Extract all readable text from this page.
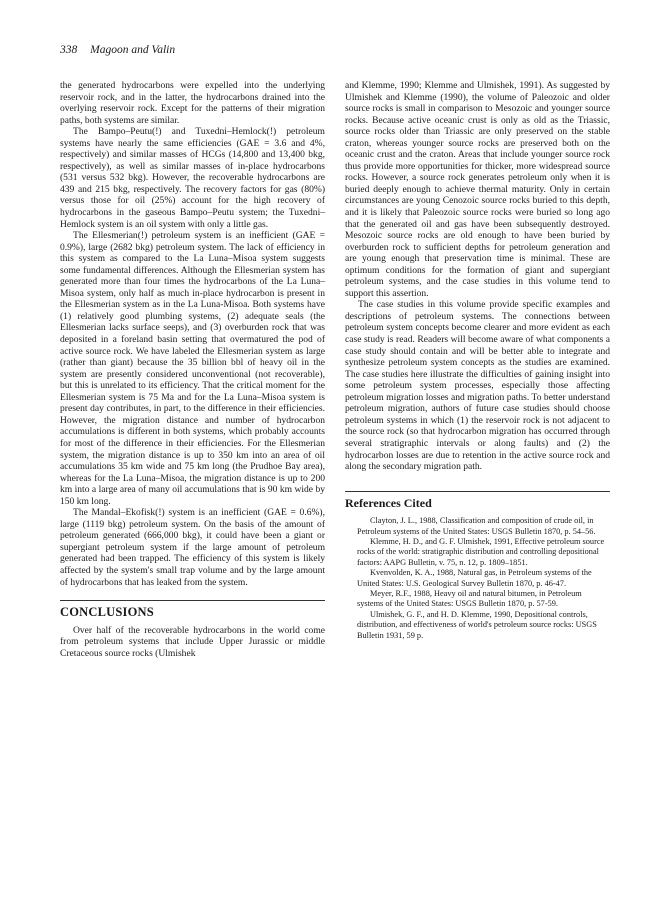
338 Magoon and Valin

the generated hydrocarbons were expelled into the underlying reservoir rock, and in the latter, the hydrocarbons drained into the overlying reservoir rock. Except for the patterns of their migration paths, both systems are similar.

The Bampo–Peutu(!) and Tuxedni–Hemlock(!) petroleum systems have nearly the same efficiencies (GAE = 3.6 and 4%, respectively) and similar masses of HCGs (14,800 and 13,400 bkg, respectively), as well as similar masses of in-place hydrocarbons (531 versus 532 bkg). However, the recoverable hydrocarbons are 439 and 215 bkg, respectively. The recovery factors for gas (80%) versus those for oil (25%) account for the high recovery of hydrocarbons in the gaseous Bampo–Peutu system; the Tuxedni–Hemlock system is an oil system with only a little gas.

The Ellesmerian(!) petroleum system is an inefficient (GAE = 0.9%), large (2682 bkg) petroleum system. The lack of efficiency in this system as compared to the La Luna–Misoa system suggests some fundamental differences. Although the Ellesmerian system has generated more than four times the hydrocarbons of the La Luna–Misoa system, only half as much in-place hydrocarbon is present in the Ellesmerian system as in the La Luna-Misoa. Both systems have (1) relatively good plumbing systems, (2) adequate seals (the Ellesmerian lacks surface seeps), and (3) overburden rock that was deposited in a foreland basin setting that overmatured the pod of active source rock. We have labeled the Ellesmerian system as large (rather than giant) because the 35 billion bbl of heavy oil in the system are presently considered unconventional (not recoverable), but this is unrelated to its efficiency. That the critical moment for the Ellesmerian system is 75 Ma and for the La Luna–Misoa system is present day contributes, in part, to the difference in their efficiencies. However, the migration distance and number of hydrocarbon accumulations is different in both systems, which probably accounts for most of the difference in their efficiencies. For the Ellesmerian system, the migration distance is up to 350 km into an area of oil accumulations 35 km wide and 75 km long (the Prudhoe Bay area), whereas for the La Luna–Misoa, the migration distance is up to 200 km into a large area of many oil accumulations that is 90 km wide by 150 km long.

The Mandal–Ekofisk(!) system is an inefficient (GAE = 0.6%), large (1119 bkg) petroleum system. On the basis of the amount of petroleum generated (666,000 bkg), it could have been a giant or supergiant petroleum system if the large amount of petroleum generated had been trapped. The efficiency of this system is likely affected by the system's small trap volume and by the large amount of hydrocarbons that has leaked from the system.

CONCLUSIONS

Over half of the recoverable hydrocarbons in the world come from petroleum systems that include Upper Jurassic or middle Cretaceous source rocks (Ulmishek

and Klemme, 1990; Klemme and Ulmishek, 1991). As suggested by Ulmishek and Klemme (1990), the volume of Paleozoic and older source rocks is small in comparison to Mesozoic and younger source rocks. Because active oceanic crust is only as old as the Triassic, source rocks older than Triassic are only preserved on the stable craton, whereas younger source rocks are preserved both on the oceanic crust and the craton. Areas that include younger source rock thus provide more opportunities for thicker, more widespread source rocks. However, a source rock generates petroleum only when it is buried deeply enough to achieve thermal maturity. Only in certain circumstances are young Cenozoic source rocks buried to this depth, and it is likely that Paleozoic source rocks were buried so long ago that the generated oil and gas have been subsequently destroyed. Mesozoic source rocks are old enough to have been buried by overburden rock to sufficient depths for petroleum generation and are young enough that preservation time is minimal. These are optimum conditions for the formation of giant and supergiant petroleum systems, and the case studies in this volume tend to support this assertion.

The case studies in this volume provide specific examples and descriptions of petroleum systems. The connections between petroleum system concepts become clearer and more evident as each case study is read. Readers will become aware of what components a case study should contain and will be better able to integrate and synthesize petroleum system concepts as the studies are examined. The case studies here illustrate the difficulties of gaining insight into some petroleum system processes, especially those affecting petroleum migration losses and migration paths. To better understand petroleum migration, authors of future case studies should choose petroleum systems in which (1) the reservoir rock is not adjacent to the source rock (so that hydrocarbon migration has occurred through several stratigraphic intervals or along faults) and (2) the hydrocarbon losses are due to retention in the active source rock and along the secondary migration path.

References Cited

Clayton, J. L., 1988, Classification and composition of crude oil, in Petroleum systems of the United States: USGS Bulletin 1870, p. 54–56.

Klemme, H. D., and G. F. Ulmishek, 1991, Effective petroleum source rocks of the world: stratigraphic distribution and controlling depositional factors: AAPG Bulletin, v. 75, n. 12, p. 1809–1851.

Kvenvolden, K. A., 1988, Natural gas, in Petroleum systems of the United States: U.S. Geological Survey Bulletin 1870, p. 46-47.

Meyer, R.F., 1988, Heavy oil and natural bitumen, in Petroleum systems of the United States: USGS Bulletin 1870, p. 57-59.

Ulmishek, G. F., and H. D. Klemme, 1990, Depositional controls, distribution, and effectiveness of world's petroleum source rocks: USGS Bulletin 1931, 59 p.
